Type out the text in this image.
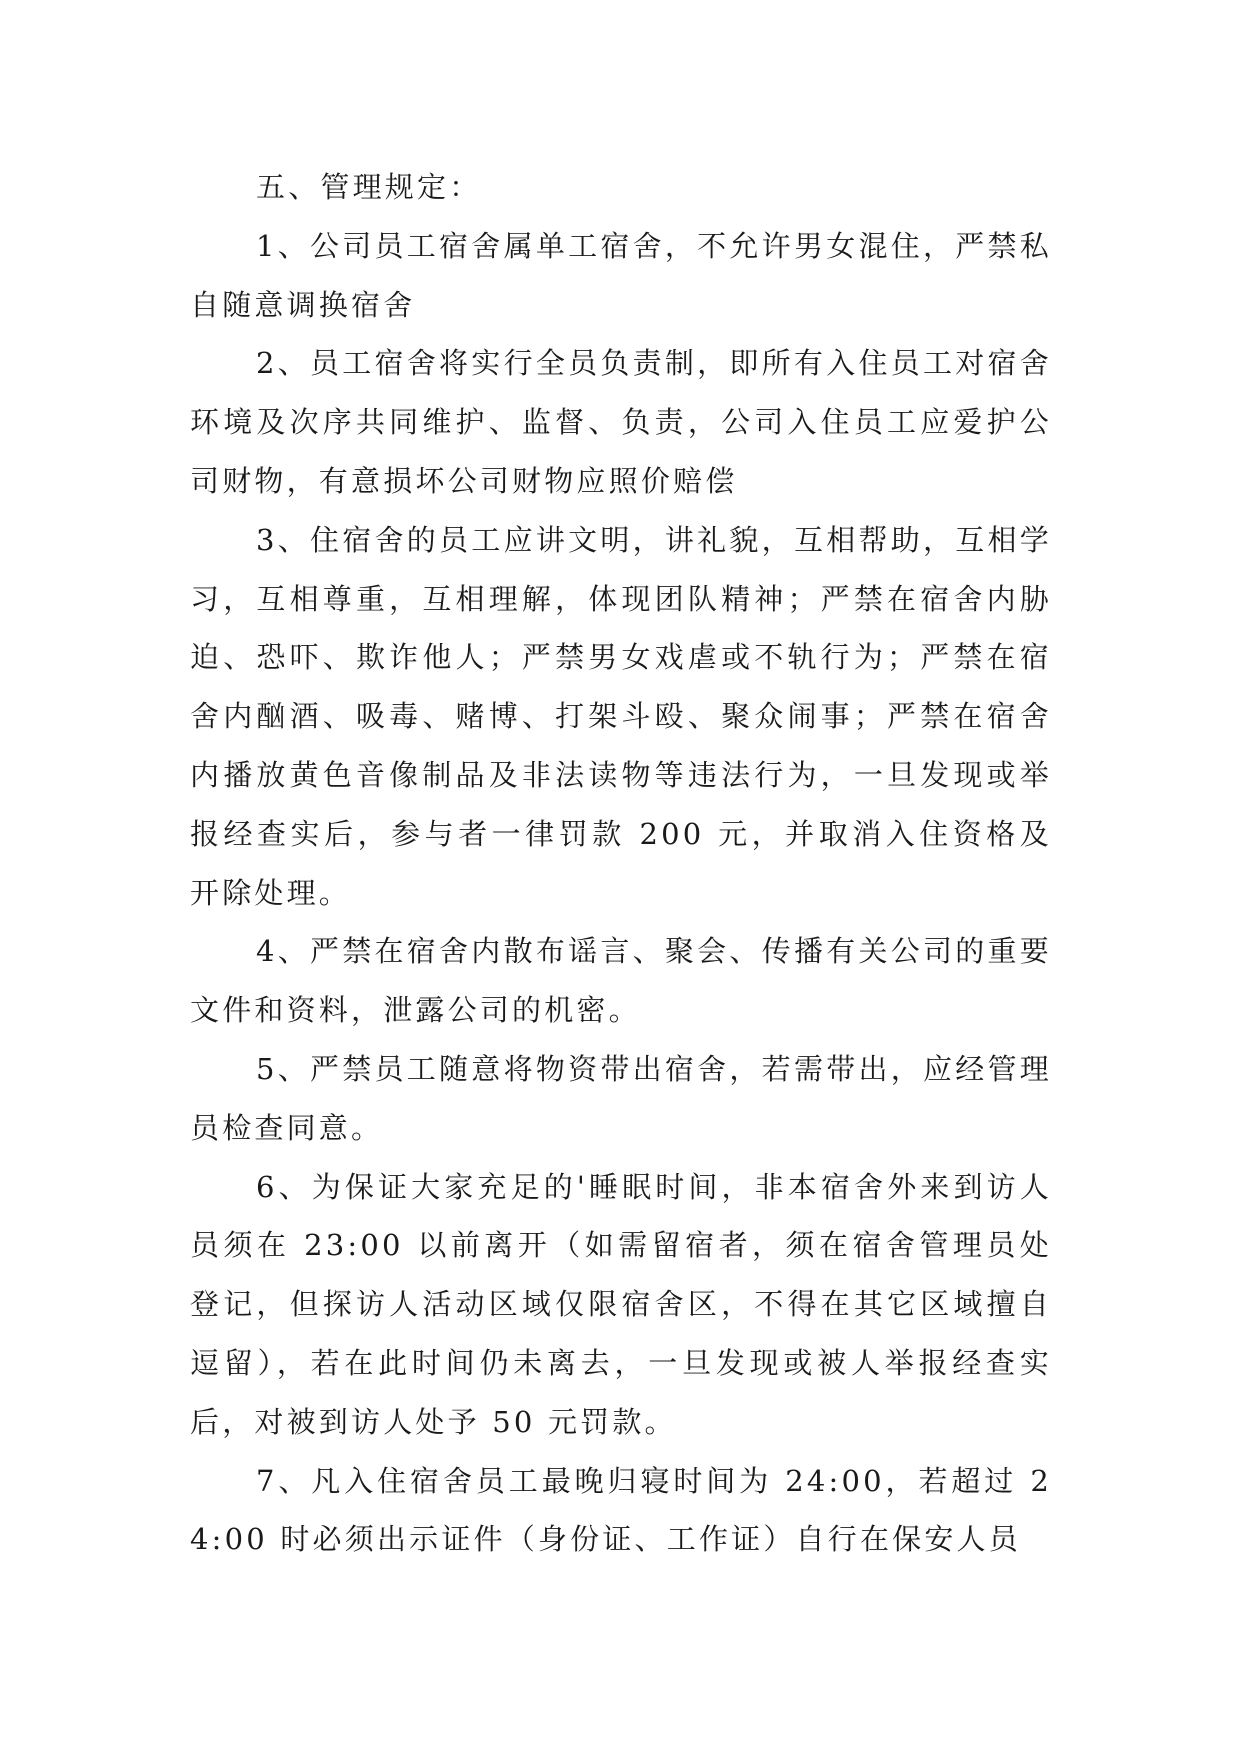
五、管理规定：

1、公司员工宿舍属单工宿舍，不允许男女混住，严禁私自随意调换宿舍

2、员工宿舍将实行全员负责制，即所有入住员工对宿舍环境及次序共同维护、监督、负责，公司入住员工应爱护公司财物，有意损坏公司财物应照价赔偿

3、住宿舍的员工应讲文明，讲礼貌，互相帮助，互相学习，互相尊重，互相理解，体现团队精神；严禁在宿舍内胁迫、恐吓、欺诈他人；严禁男女戏虐或不轨行为；严禁在宿舍内酗酒、吸毒、赌博、打架斗殴、聚众闹事；严禁在宿舍内播放黄色音像制品及非法读物等违法行为，一旦发现或举报经查实后，参与者一律罚款 200 元，并取消入住资格及开除处理。

4、严禁在宿舍内散布谣言、聚会、传播有关公司的重要文件和资料，泄露公司的机密。

5、严禁员工随意将物资带出宿舍，若需带出，应经管理员检查同意。

6、为保证大家充足的'睡眠时间，非本宿舍外来到访人员须在 23:00 以前离开（如需留宿者，须在宿舍管理员处登记，但探访人活动区域仅限宿舍区，不得在其它区域擅自逗留），若在此时间仍未离去，一旦发现或被人举报经查实后，对被到访人处予 50 元罚款。

7、凡入住宿舍员工最晚归寝时间为 24:00，若超过 24:00 时必须出示证件（身份证、工作证）自行在保安人员
